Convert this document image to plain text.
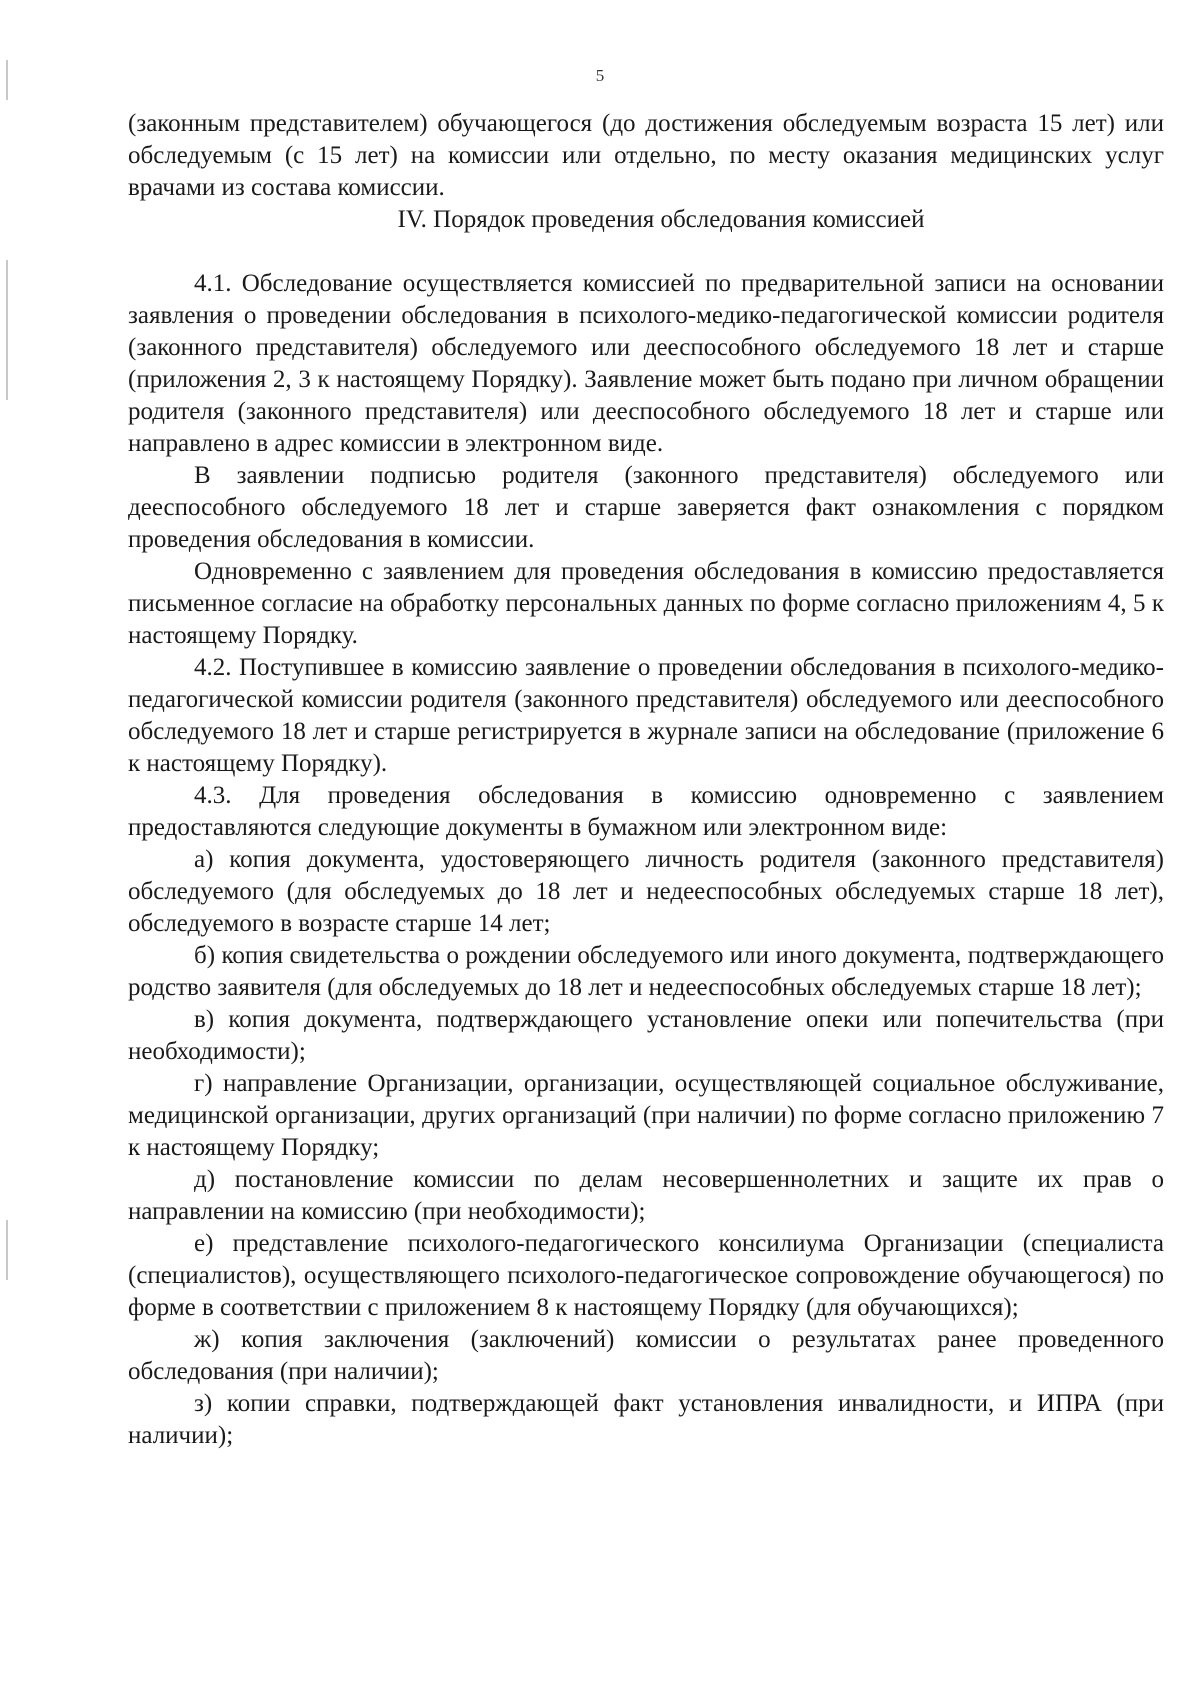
5

(законным представителем) обучающегося (до достижения обследуемым возраста 15 лет) или обследуемым (с 15 лет) на комиссии или отдельно, по месту оказания медицинских услуг врачами из состава комиссии.

IV. Порядок проведения обследования комиссией

4.1. Обследование осуществляется комиссией по предварительной записи на основании заявления о проведении обследования в психолого-медико-педагогической комиссии родителя (законного представителя) обследуемого или дееспособного обследуемого 18 лет и старше (приложения 2, 3 к настоящему Порядку). Заявление может быть подано при личном обращении родителя (законного представителя) или дееспособного обследуемого 18 лет и старше или направлено в адрес комиссии в электронном виде.

В заявлении подписью родителя (законного представителя) обследуемого или дееспособного обследуемого 18 лет и старше заверяется факт ознакомления с порядком проведения обследования в комиссии.

Одновременно с заявлением для проведения обследования в комиссию предоставляется письменное согласие на обработку персональных данных по форме согласно приложениям 4, 5 к настоящему Порядку.

4.2. Поступившее в комиссию заявление о проведении обследования в психолого-медико-педагогической комиссии родителя (законного представителя) обследуемого или дееспособного обследуемого 18 лет и старше регистрируется в журнале записи на обследование (приложение 6 к настоящему Порядку).

4.3. Для проведения обследования в комиссию одновременно с заявлением предоставляются следующие документы в бумажном или электронном виде:

а) копия документа, удостоверяющего личность родителя (законного представителя) обследуемого (для обследуемых до 18 лет и недееспособных обследуемых старше 18 лет), обследуемого в возрасте старше 14 лет;

б) копия свидетельства о рождении обследуемого или иного документа, подтверждающего родство заявителя (для обследуемых до 18 лет и недееспособных обследуемых старше 18 лет);

в) копия документа, подтверждающего установление опеки или попечительства (при необходимости);

г) направление Организации, организации, осуществляющей социальное обслуживание, медицинской организации, других организаций (при наличии) по форме согласно приложению 7 к настоящему Порядку;

д) постановление комиссии по делам несовершеннолетних и защите их прав о направлении на комиссию (при необходимости);

е) представление психолого-педагогического консилиума Организации (специалиста (специалистов), осуществляющего психолого-педагогическое сопровождение обучающегося) по форме в соответствии с приложением 8 к настоящему Порядку (для обучающихся);

ж) копия заключения (заключений) комиссии о результатах ранее проведенного обследования (при наличии);

з) копии справки, подтверждающей факт установления инвалидности, и ИПРА (при наличии);
